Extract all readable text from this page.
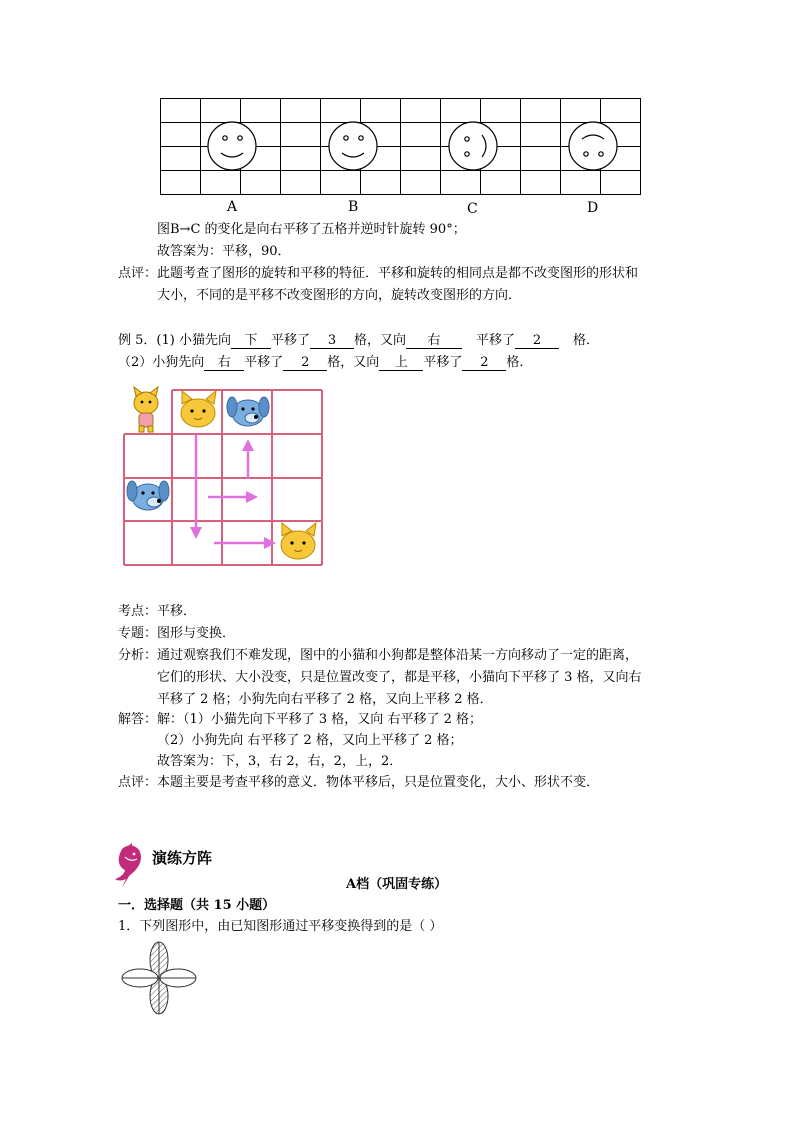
A	B	C	D
图B→C 的变化是向右平移了五格并逆时针旋转 90°；
故答案为：平移，90．
点评： 此题考查了图形的旋转和平移的特征．平移和旋转的相同点是都不改变图形的形状和
大小，不同的是平移不改变图形的方向，旋转改变图形的方向．
例 5．(1) 小猫先向 下 平移了 3 格，又向 右	平移了 2 格．
（2）小狗先向 右 平移了 2 格，又向 上 平移了 2 格．
考点：平移．
专题：图形与变换．
分析： 通过观察我们不难发现，图中的小猫和小狗都是整体沿某一方向移动了一定的距离，
它们的形状、大小没变，只是位置改变了，都是平移，小猫向下平移了 3 格，又向右
平移了 2 格；小狗先向右平移了 2 格，又向上平移 2 格．
解答： 解：（1）小猫先向下平移了 3 格，又向 右平移了 2 格；
（2）小狗先向 右平移了 2 格，又向上平移了 2 格；
故答案为：下，3，右 2，右，2，上，2．
点评：本题主要是考查平移的意义．物体平移后，只是位置变化，大小、形状不变．
演练方阵
A档（巩固专练）
一．选择题（共 15 小题）
1．下列图形中，由已知图形通过平移变换得到的是（ ）
